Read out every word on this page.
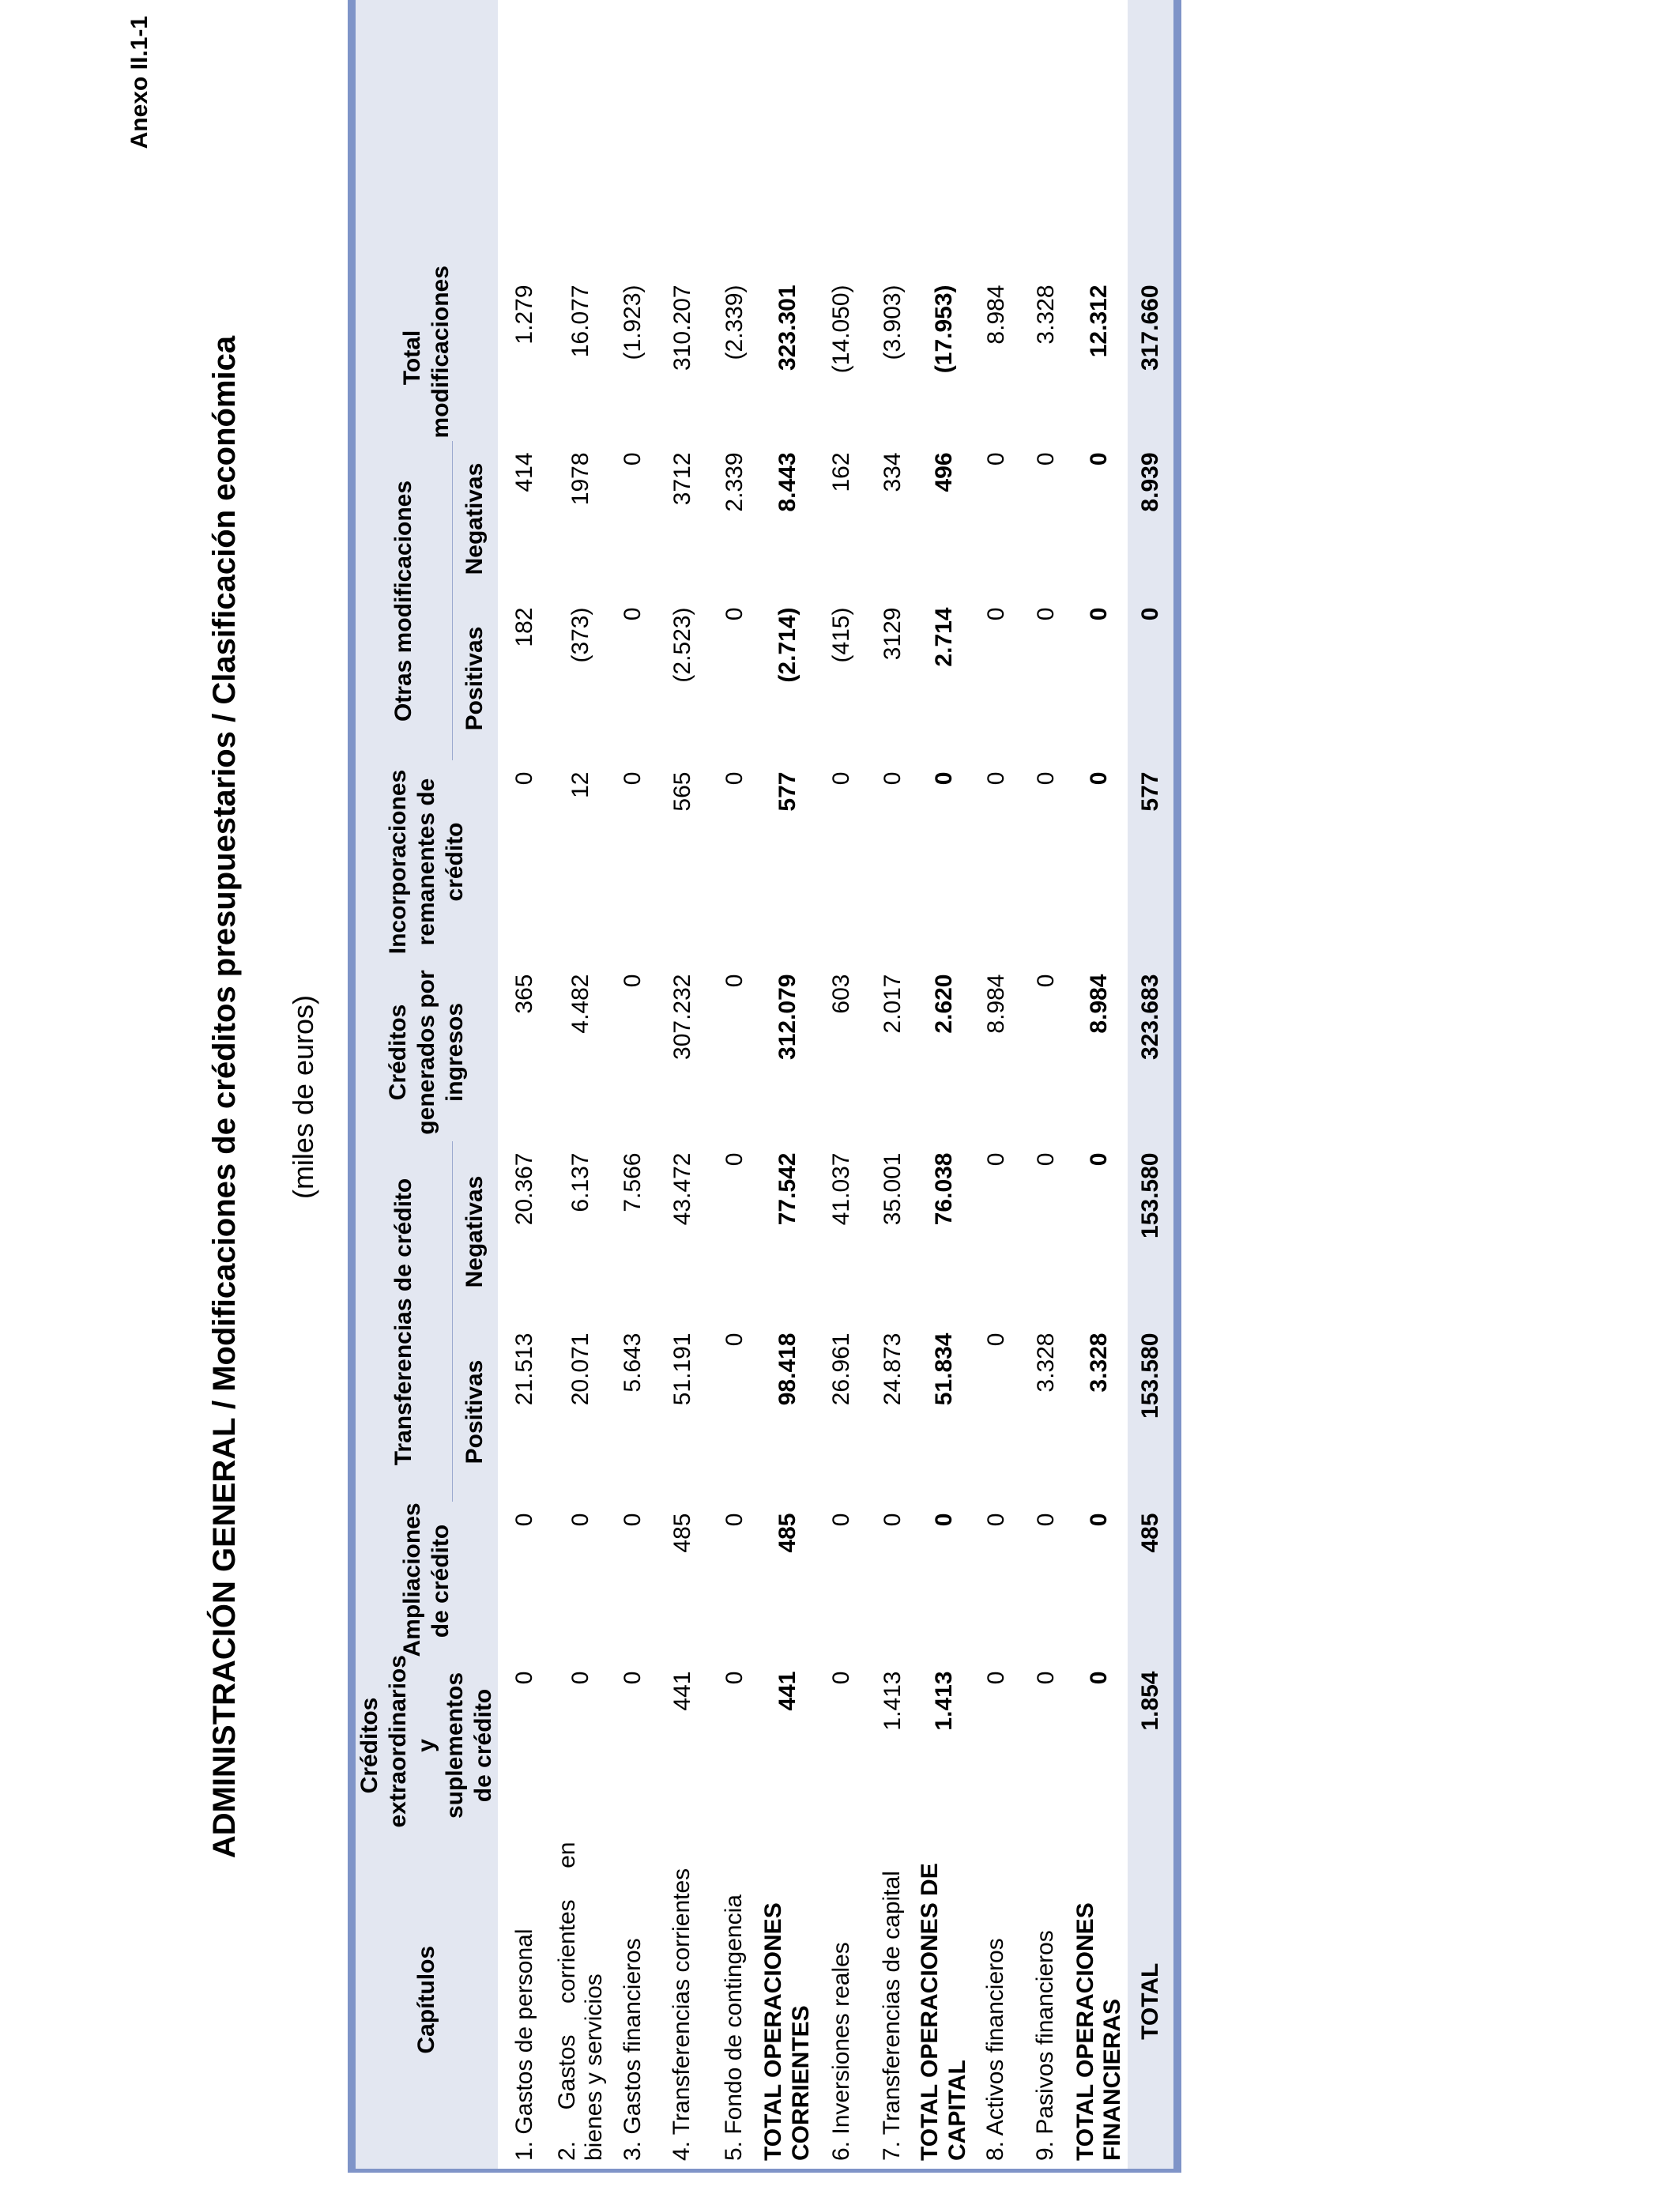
Anexo II.1-1

ADMINISTRACIÓN GENERAL / Modificaciones de créditos presupuestarios / Clasificación económica (miles de euros)

Capítulos	Créditos extraordinarios y suplementos de crédito	Ampliaciones de crédito	Transferencias de crédito		Créditos generados por ingresos	Incorporaciones remanentes de crédito	Otras modificaciones		Total modificaciones	
			Positivas	Negativas			Positivas	Negativas		
1. Gastos de personal	0	0	21.513	20.367	365	0	182	414	1.279	
2. Gastos corrientes en bienes y servicios	0	0	20.071	6.137	4.482	12	(373)	1978	16.077	
3. Gastos financieros	0	0	5.643	7.566	0	0	0	0	(1.923)	
4. Transferencias corrientes	441	485	51.191	43.472	307.232	565	(2.523)	3712	310.207	
5. Fondo de contingencia	0	0	0	0	0	0	0	2.339	(2.339)	
TOTAL OPERACIONES CORRIENTES	441	485	98.418	77.542	312.079	577	(2.714)	8.443	323.301	
6. Inversiones reales	0	0	26.961	41.037	603	0	(415)	162	(14.050)	
7. Transferencias de capital	1.413	0	24.873	35.001	2.017	0	3129	334	(3.903)	
TOTAL OPERACIONES DE CAPITAL	1.413	0	51.834	76.038	2.620	0	2.714	496	(17.953)	
8. Activos financieros	0	0	0	0	8.984	0	0	0	8.984	
9. Pasivos financieros	0	0	3.328	0	0	0	0	0	3.328	
TOTAL OPERACIONES FINANCIERAS	0	0	3.328	0	8.984	0	0	0	12.312	
TOTAL	1.854	485	153.580	153.580	323.683	577	0	8.939	317.660	
